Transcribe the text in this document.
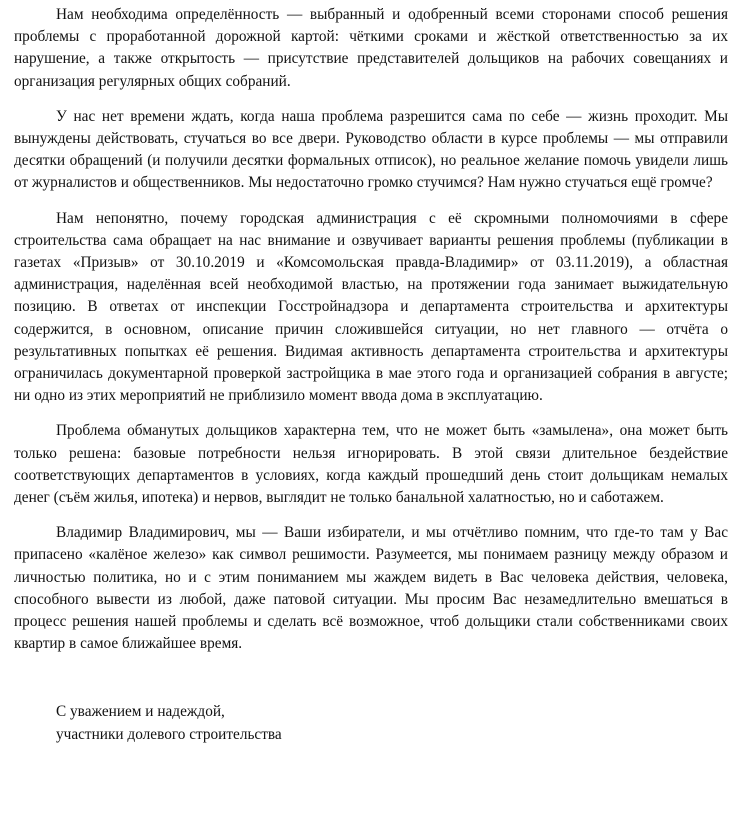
Нам необходима определённость — выбранный и одобренный всеми сторонами способ решения проблемы с проработанной дорожной картой: чёткими сроками и жёсткой ответственностью за их нарушение, а также открытость — присутствие представителей дольщиков на рабочих совещаниях и организация регулярных общих собраний.

У нас нет времени ждать, когда наша проблема разрешится сама по себе — жизнь проходит. Мы вынуждены действовать, стучаться во все двери. Руководство области в курсе проблемы — мы отправили десятки обращений (и получили десятки формальных отписок), но реальное желание помочь увидели лишь от журналистов и общественников. Мы недостаточно громко стучимся? Нам нужно стучаться ещё громче?

Нам непонятно, почему городская администрация с её скромными полномочиями в сфере строительства сама обращает на нас внимание и озвучивает варианты решения проблемы (публикации в газетах «Призыв» от 30.10.2019 и «Комсомольская правда-Владимир» от 03.11.2019), а областная администрация, наделённая всей необходимой властью, на протяжении года занимает выжидательную позицию. В ответах от инспекции Госстройнадзора и департамента строительства и архитектуры содержится, в основном, описание причин сложившейся ситуации, но нет главного — отчёта о результативных попытках её решения. Видимая активность департамента строительства и архитектуры ограничилась документарной проверкой застройщика в мае этого года и организацией собрания в августе; ни одно из этих мероприятий не приблизило момент ввода дома в эксплуатацию.

Проблема обманутых дольщиков характерна тем, что не может быть «замылена», она может быть только решена: базовые потребности нельзя игнорировать. В этой связи длительное бездействие соответствующих департаментов в условиях, когда каждый прошедший день стоит дольщикам немалых денег (съём жилья, ипотека) и нервов, выглядит не только банальной халатностью, но и саботажем.

Владимир Владимирович, мы — Ваши избиратели, и мы отчётливо помним, что где-то там у Вас припасено «калёное железо» как символ решимости. Разумеется, мы понимаем разницу между образом и личностью политика, но и с этим пониманием мы жаждем видеть в Вас человека действия, человека, способного вывести из любой, даже патовой ситуации. Мы просим Вас незамедлительно вмешаться в процесс решения нашей проблемы и сделать всё возможное, чтоб дольщики стали собственниками своих квартир в самое ближайшее время.

С уважением и надеждой,
участники долевого строительства
